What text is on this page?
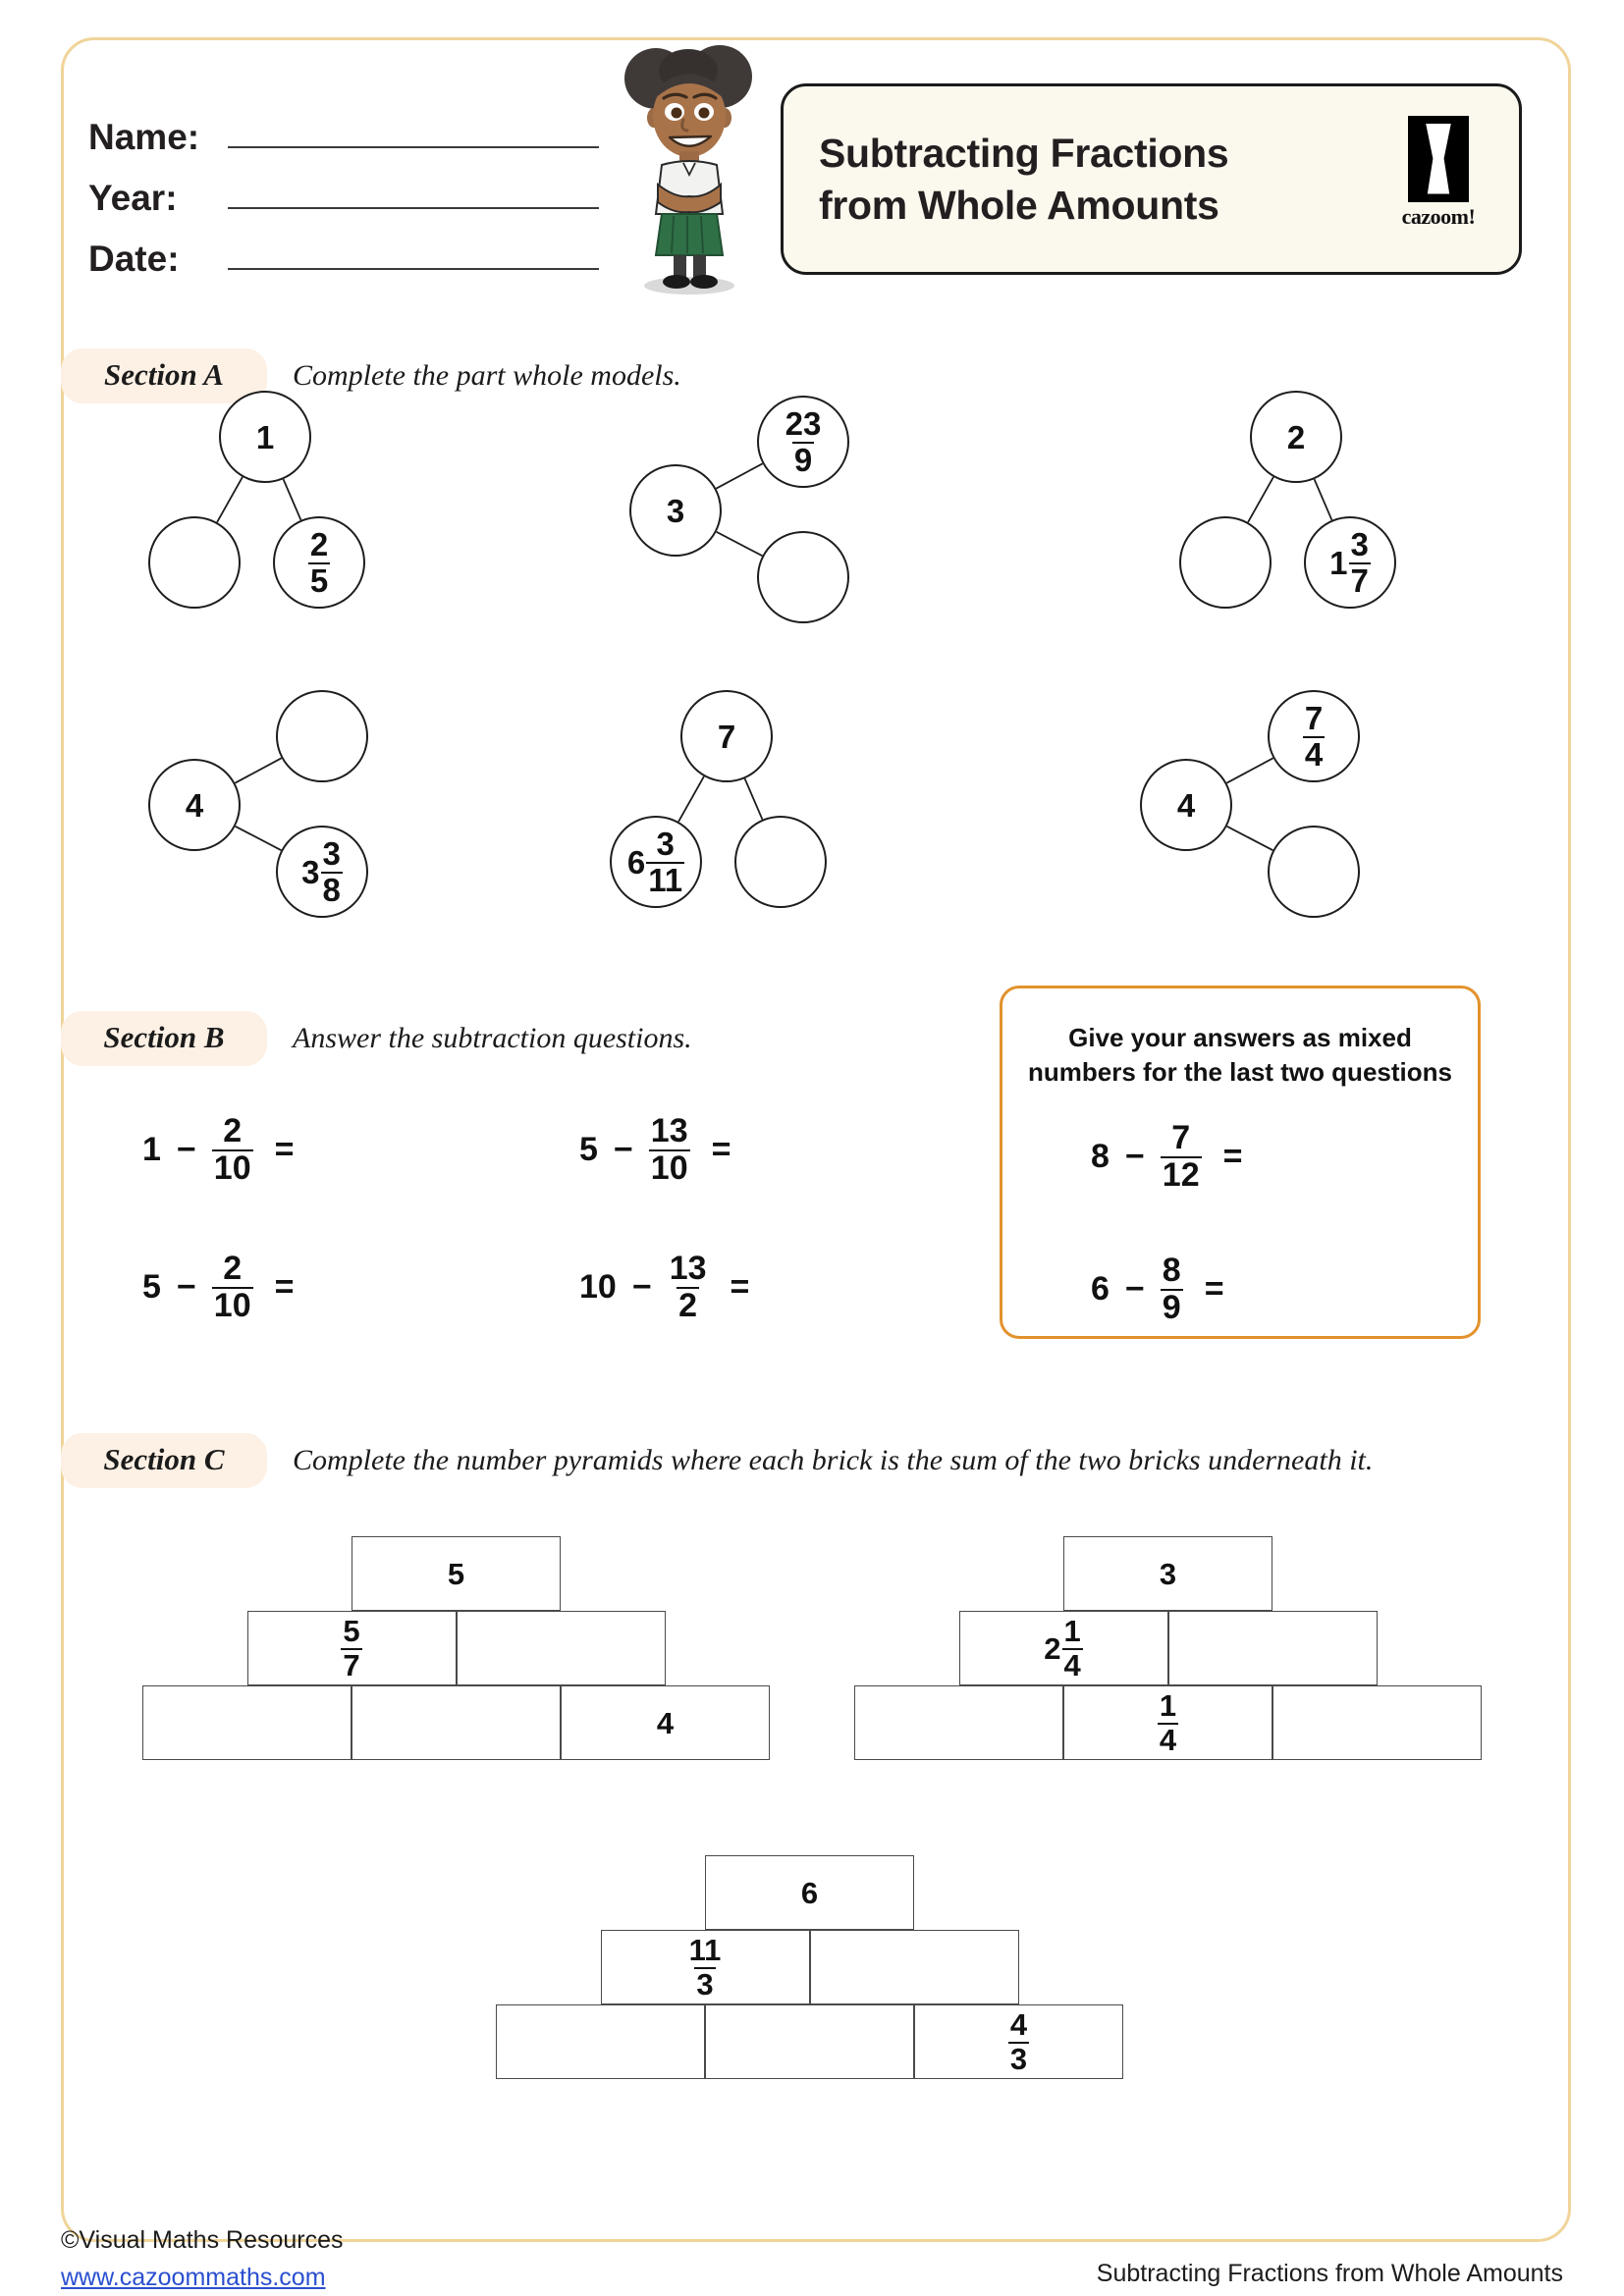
Name:
Year:
Date:
Subtracting Fractions
from Whole Amounts	cazoom!
Section A	Complete the part whole models.
1
$\frac{2}{5}$
3
$\frac{23}{9}$	2
$1 \frac{3}{7}$
4
$3 \frac{3}{8}$
7
$6 \frac{3}{11}$
4
$\frac{7}{4}$
Section B	Answer the subtraction questions.
$1 - \frac{2}{10}$ =	$5 - \frac{13}{10}$ =
$5 - \frac{2}{10}$ =	$10 - \frac{13}{2}$ =
Give your answers as mixed numbers for the last two questions
$8 - \frac{7}{12}$ =
$6 - \frac{8}{9}$ =
Section C	Complete the number pyramids where each brick is the sum of the two bricks underneath it.
5
$\frac{5}{7}$
4
3
$2 \frac{1}{4}$
$\frac{1}{4}$
6
$\frac{11}{3}$
$\frac{4}{3}$
©Visual Maths Resources
www.cazoommaths.com	Subtracting Fractions from Whole Amounts
